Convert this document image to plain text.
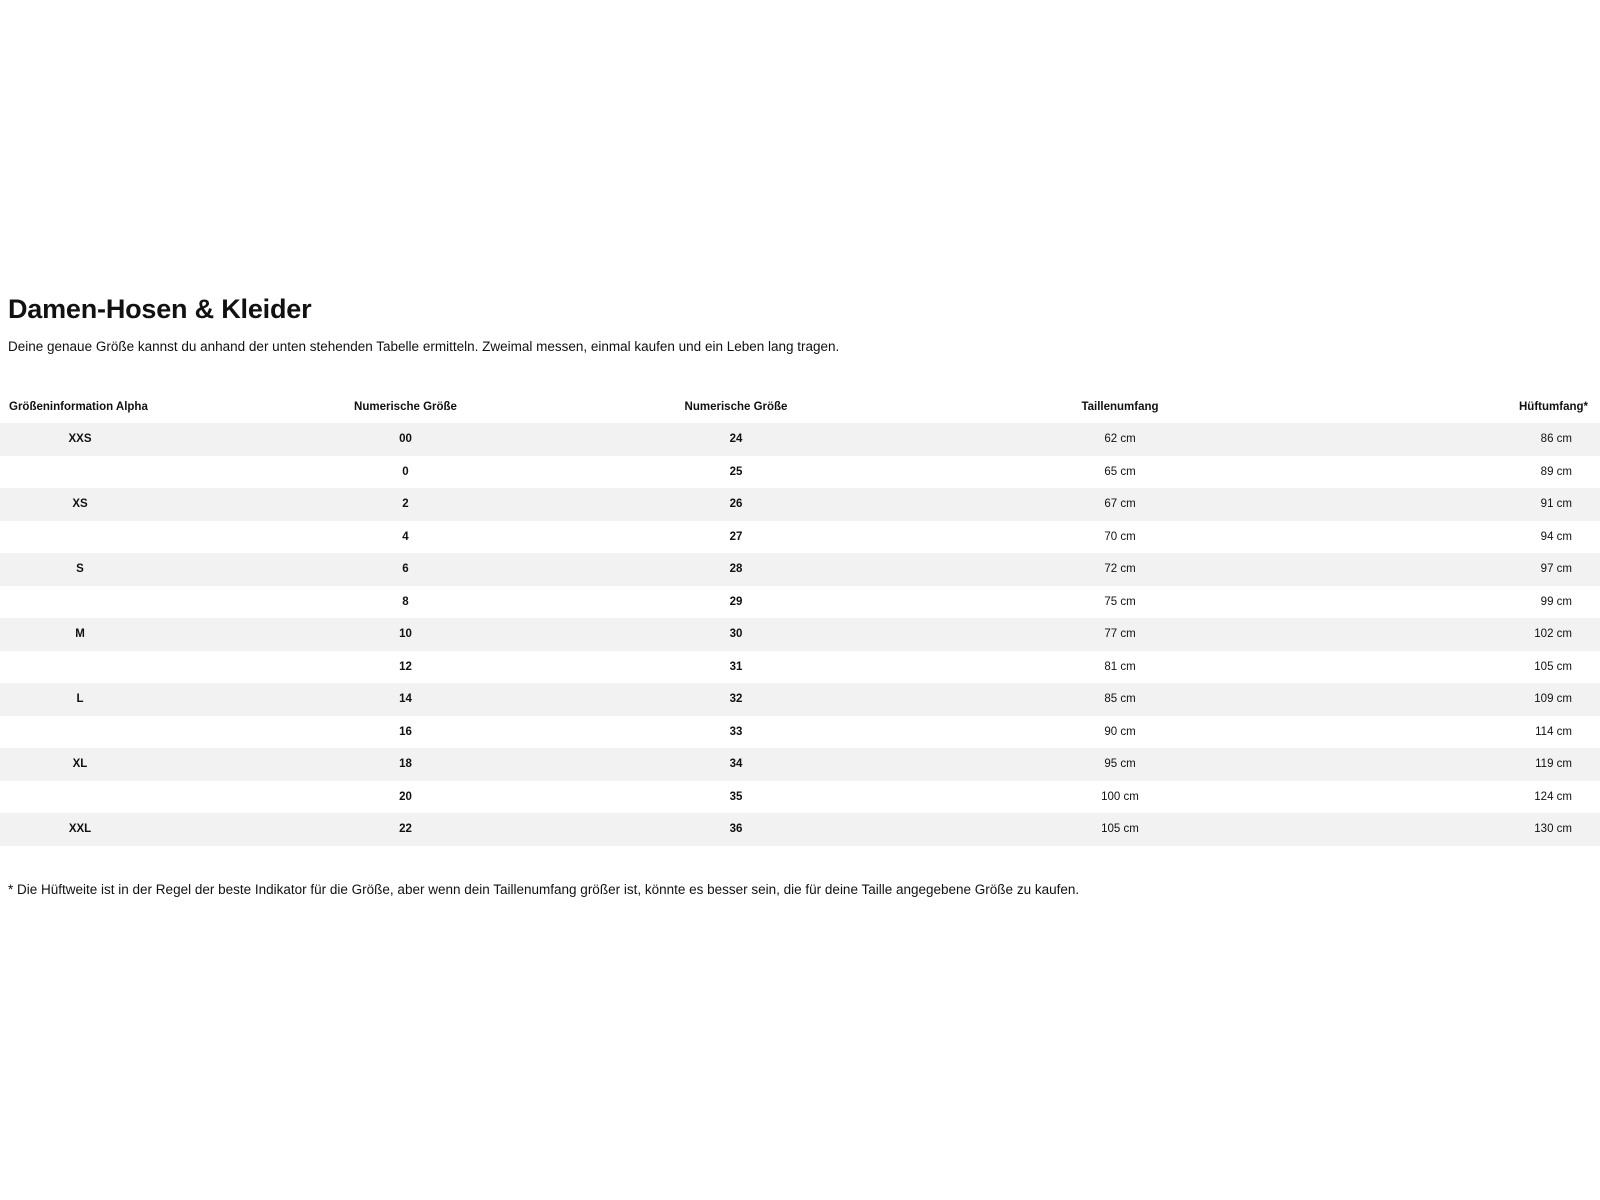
Damen-Hosen & Kleider

Deine genaue Größe kannst du anhand der unten stehenden Tabelle ermitteln. Zweimal messen, einmal kaufen und ein Leben lang tragen.

Größeninformation Alpha	Numerische Größe	Numerische Größe	Taillenumfang	Hüftumfang*
XXS	00	24	62 cm	86 cm
	0	25	65 cm	89 cm
XS	2	26	67 cm	91 cm
	4	27	70 cm	94 cm
S	6	28	72 cm	97 cm
	8	29	75 cm	99 cm
M	10	30	77 cm	102 cm
	12	31	81 cm	105 cm
L	14	32	85 cm	109 cm
	16	33	90 cm	114 cm
XL	18	34	95 cm	119 cm
	20	35	100 cm	124 cm
XXL	22	36	105 cm	130 cm

* Die Hüftweite ist in der Regel der beste Indikator für die Größe, aber wenn dein Taillenumfang größer ist, könnte es besser sein, die für deine Taille angegebene Größe zu kaufen.
